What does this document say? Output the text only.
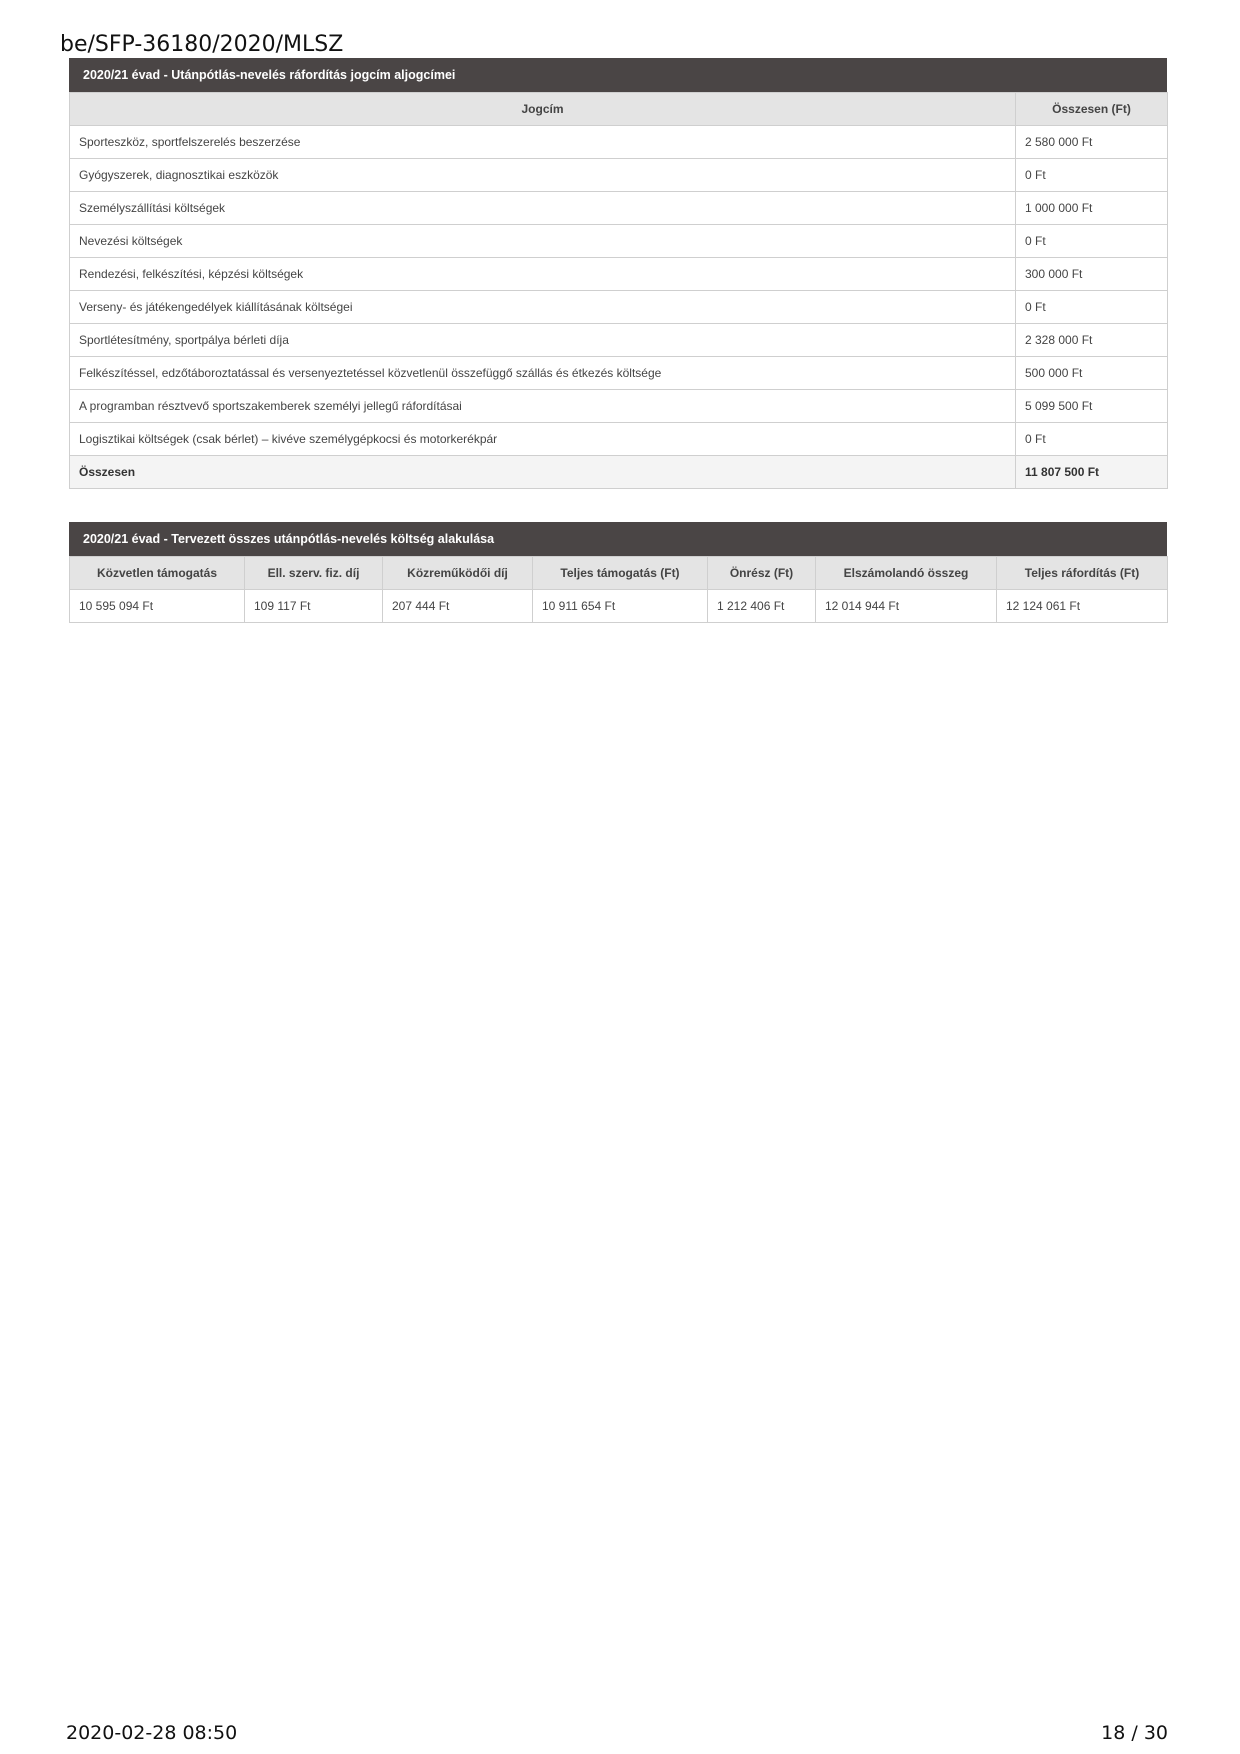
be/SFP-36180/2020/MLSZ
2020/21 évad - Utánpótlás-nevelés ráfordítás jogcím aljogcímei
Jogcím	Összesen (Ft)
Sporteszköz, sportfelszerelés beszerzése	2 580 000 Ft
Gyógyszerek, diagnosztikai eszközök	0 Ft
Személyszállítási költségek	1 000 000 Ft
Nevezési költségek	0 Ft
Rendezési, felkészítési, képzési költségek	300 000 Ft
Verseny- és játékengedélyek kiállításának költségei	0 Ft
Sportlétesítmény, sportpálya bérleti díja	2 328 000 Ft
Felkészítéssel, edzőtáboroztatással és versenyeztetéssel közvetlenül összefüggő szállás és étkezés költsége	500 000 Ft
A programban résztvevő sportszakemberek személyi jellegű ráfordításai	5 099 500 Ft
Logisztikai költségek (csak bérlet) – kivéve személygépkocsi és motorkerékpár	0 Ft
Összesen	11 807 500 Ft
2020/21 évad - Tervezett összes utánpótlás-nevelés költség alakulása
Közvetlen támogatás	Ell. szerv. fiz. díj	Közreműködői díj	Teljes támogatás (Ft)	Önrész (Ft)	Elszámolandó összeg	Teljes ráfordítás (Ft)
10 595 094 Ft	109 117 Ft	207 444 Ft	10 911 654 Ft	1 212 406 Ft	12 014 944 Ft	12 124 061 Ft
2020-02-28 08:50	18 / 30
